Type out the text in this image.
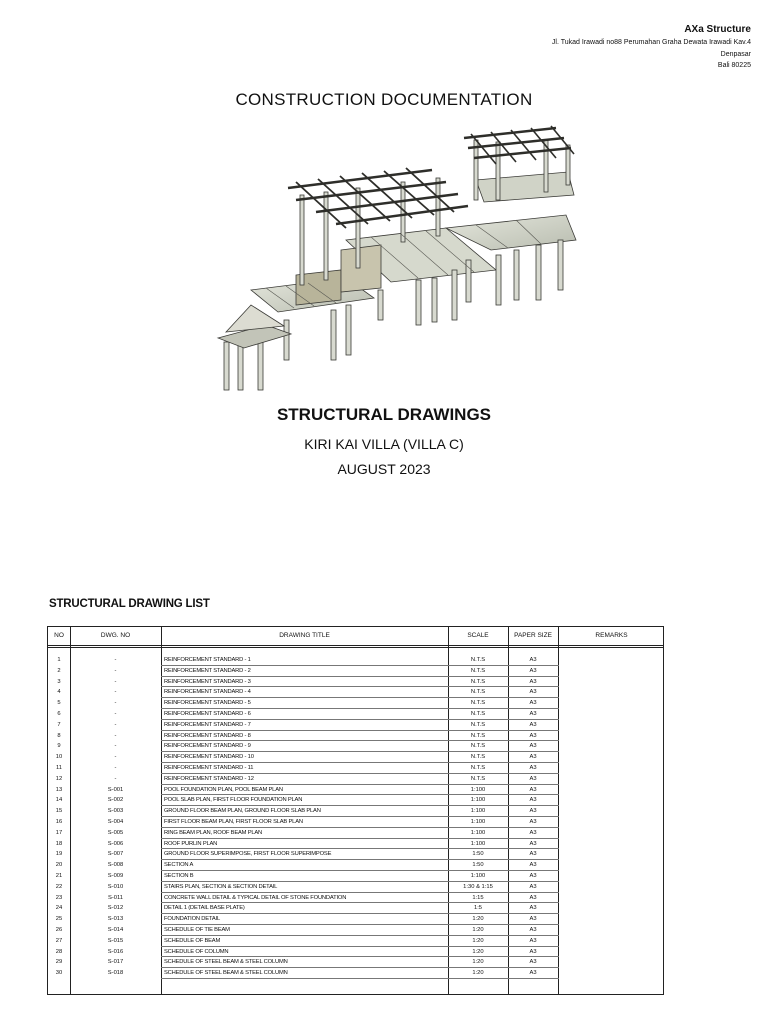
AXa Structure
Jl. Tukad Irawadi no88 Perumahan Graha Dewata Irawadi Kav.4
Denpasar
Bali 80225
CONSTRUCTION DOCUMENTATION
STRUCTURAL DRAWINGS
KIRI KAI VILLA (VILLA C)
AUGUST 2023
STRUCTURAL DRAWING LIST
NO	DWG. NO	DRAWING TITLE	SCALE	PAPER SIZE	REMARKS
1	-	REINFORCEMENT STANDARD - 1	N.T.S	A3
2	-	REINFORCEMENT STANDARD - 2	N.T.S	A3
3	-	REINFORCEMENT STANDARD - 3	N.T.S	A3
4	-	REINFORCEMENT STANDARD - 4	N.T.S	A3
5	-	REINFORCEMENT STANDARD - 5	N.T.S	A3
6	-	REINFORCEMENT STANDARD - 6	N.T.S	A3
7	-	REINFORCEMENT STANDARD - 7	N.T.S	A3
8	-	REINFORCEMENT STANDARD - 8	N.T.S	A3
9	-	REINFORCEMENT STANDARD - 9	N.T.S	A3
10	-	REINFORCEMENT STANDARD - 10	N.T.S	A3
11	-	REINFORCEMENT STANDARD - 11	N.T.S	A3
12	-	REINFORCEMENT STANDARD - 12	N.T.S	A3
13	S-001	POOL FOUNDATION PLAN, POOL BEAM PLAN	1:100	A3
14	S-002	POOL SLAB PLAN, FIRST FLOOR FOUNDATION PLAN	1:100	A3
15	S-003	GROUND FLOOR BEAM PLAN, GROUND FLOOR SLAB PLAN	1:100	A3
16	S-004	FIRST FLOOR BEAM PLAN, FIRST FLOOR SLAB PLAN	1:100	A3
17	S-005	RING BEAM PLAN, ROOF BEAM PLAN	1:100	A3
18	S-006	ROOF PURLIN PLAN	1:100	A3
19	S-007	GROUND FLOOR SUPERIMPOSE, FIRST FLOOR SUPERIMPOSE	1:50	A3
20	S-008	SECTION A	1:50	A3
21	S-009	SECTION B	1:100	A3
22	S-010	STAIRS PLAN, SECTION & SECTION DETAIL	1:30 & 1:15	A3
23	S-011	CONCRETE WALL DETAIL & TYPICAL DETAIL OF STONE FOUNDATION	1:15	A3
24	S-012	DETAIL 1 (DETAIL BASE PLATE)	1:5	A3
25	S-013	FOUNDATION DETAIL	1:20	A3
26	S-014	SCHEDULE OF TIE BEAM	1:20	A3
27	S-015	SCHEDULE OF BEAM	1:20	A3
28	S-016	SCHEDULE OF COLUMN	1:20	A3
29	S-017	SCHEDULE OF STEEL BEAM & STEEL COLUMN	1:20	A3
30	S-018	SCHEDULE OF STEEL BEAM & STEEL COLUMN	1:20	A3
